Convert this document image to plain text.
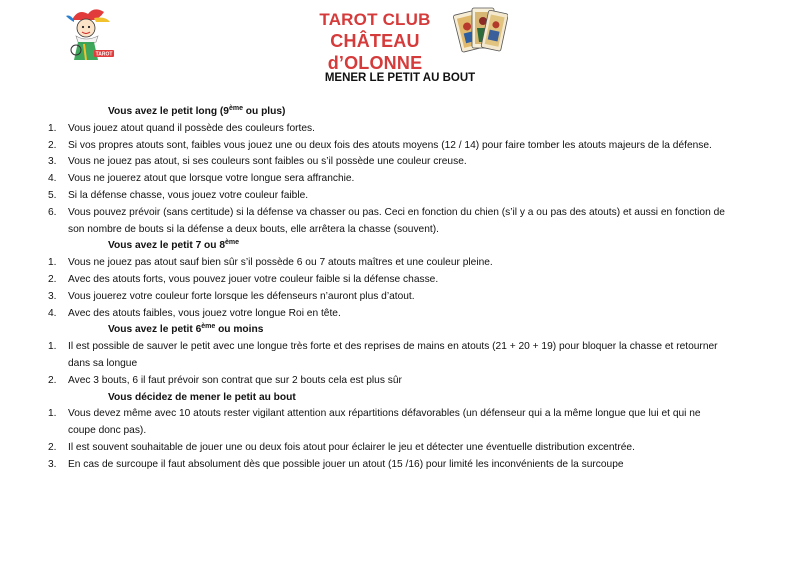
TAROT
TAROT CLUB
CHÂTEAU d’OLONNE
MENER LE PETIT AU BOUT
Vous avez le petit long (9ème ou plus)
1. Vous jouez atout quand il possède des couleurs fortes.
2. Si vos propres atouts sont, faibles vous jouez une ou deux fois des atouts moyens (12 / 14) pour faire tomber les atouts majeurs de la défense.
3. Vous ne jouez pas atout, si ses couleurs sont faibles ou s’il possède une couleur creuse.
4. Vous ne jouerez atout que lorsque votre longue sera affranchie.
5. Si la défense chasse, vous jouez votre couleur faible.
6. Vous pouvez prévoir (sans certitude) si la défense va chasser ou pas. Ceci en fonction du chien (s’il y a ou pas des atouts) et aussi en fonction de son nombre de bouts si la défense a deux bouts, elle arrêtera la chasse (souvent).
Vous avez le petit 7 ou 8ème
1. Vous ne jouez pas atout sauf bien sûr s’il possède 6 ou 7 atouts maîtres et une couleur pleine.
2. Avec des atouts forts, vous pouvez jouer votre couleur faible si la défense chasse.
3. Vous jouerez votre couleur forte lorsque les défenseurs n’auront plus d’atout.
4. Avec des atouts faibles, vous jouez votre longue Roi en tête.
Vous avez le petit 6ème ou moins
1. Il est possible de sauver le petit avec une longue très forte et des reprises de mains en atouts (21 + 20 + 19) pour bloquer la chasse et retourner dans sa longue
2. Avec 3 bouts, 6 il faut prévoir son contrat que sur 2 bouts cela est plus sûr
Vous décidez de mener le petit au bout
1. Vous devez même avec 10 atouts rester vigilant attention aux répartitions défavorables (un défenseur qui a la même longue que lui et qui ne coupe donc pas).
2. Il est souvent souhaitable de jouer une ou deux fois atout pour éclairer le jeu et détecter une éventuelle distribution excentrée.
3. En cas de surcoupe il faut absolument dès que possible jouer un atout (15 /16) pour limité les inconvénients de la surcoupe
